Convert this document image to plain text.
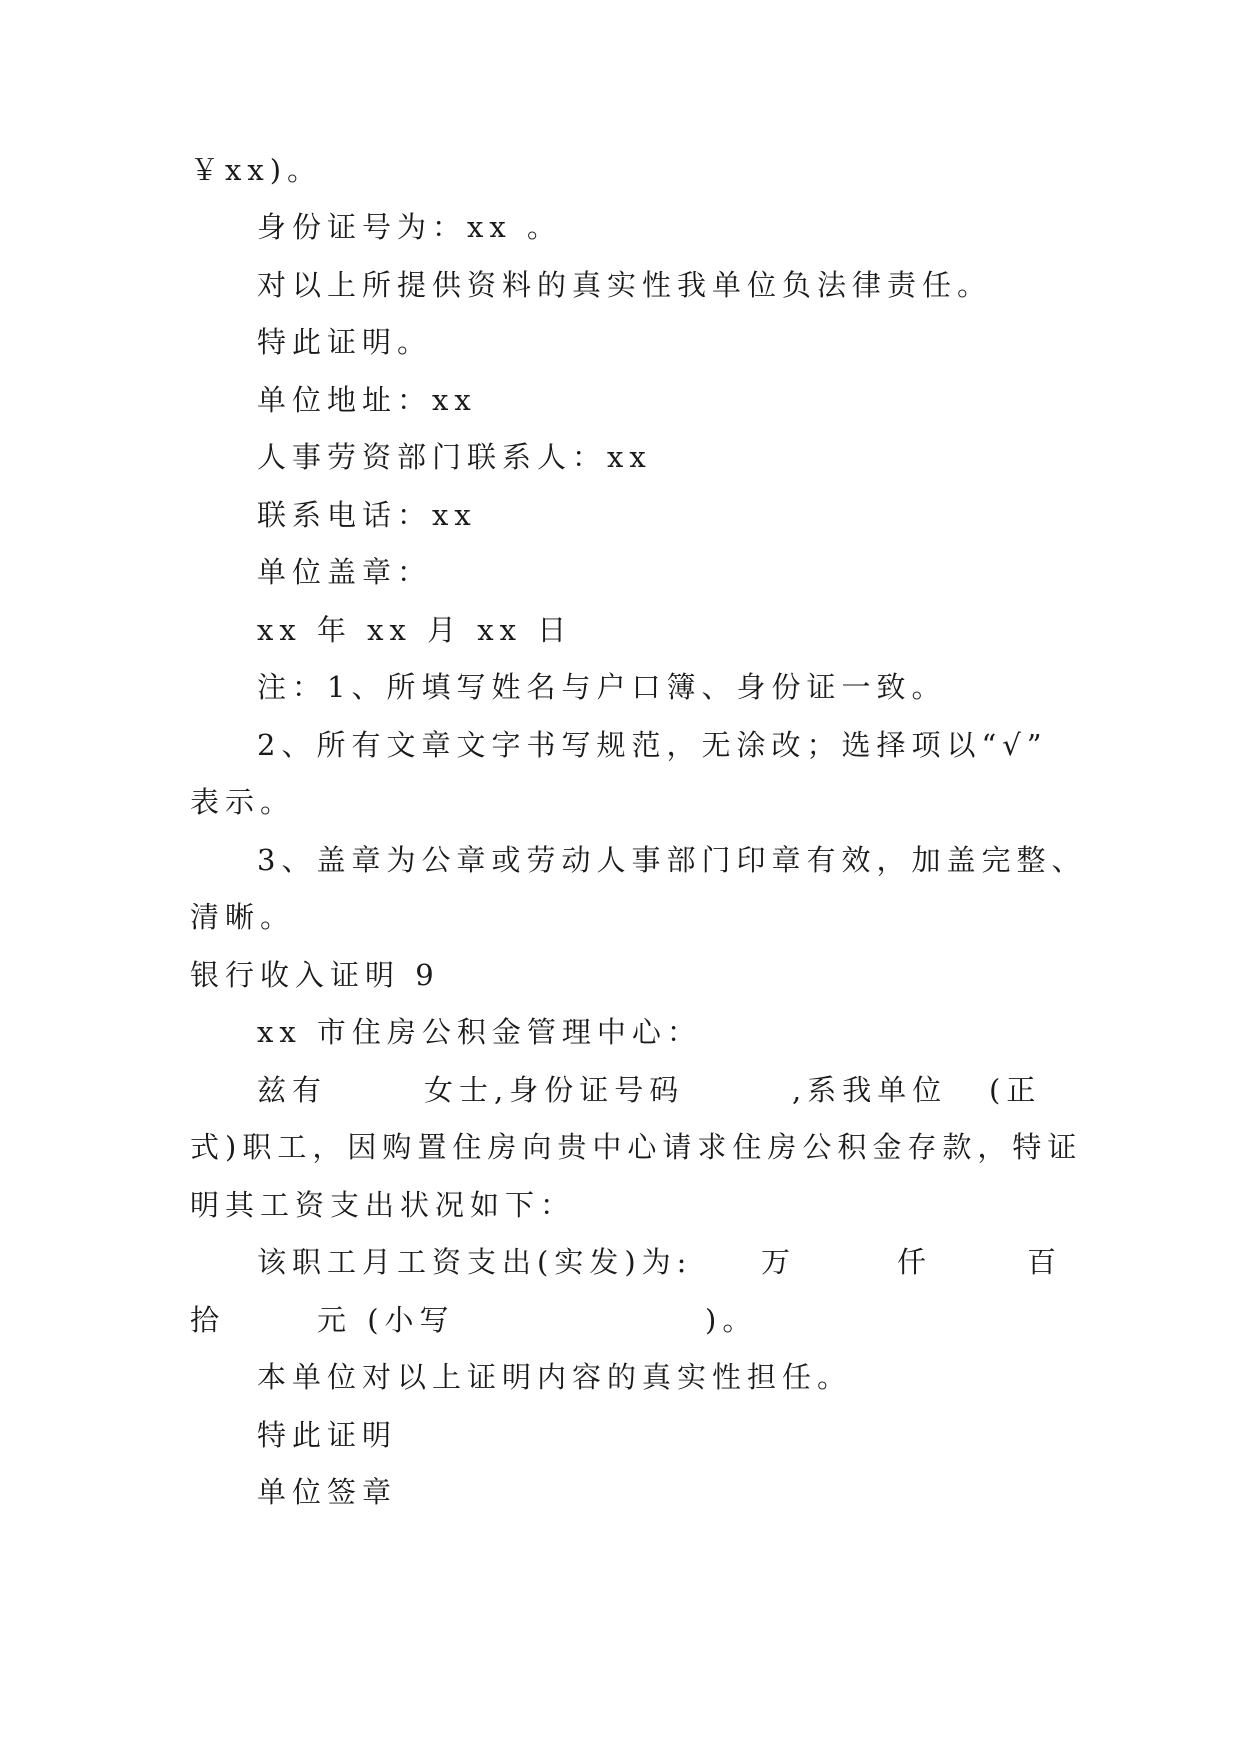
￥xx)。
身份证号为：xx 。
对以上所提供资料的真实性我单位负法律责任。
特此证明。
单位地址：xx
人事劳资部门联系人：xx
联系电话：xx
单位盖章：
xx 年 xx 月 xx 日
注：1、所填写姓名与户口簿、身份证一致。
2、所有文章文字书写规范，无涂改；选择项以“√”
表示。
3、盖章为公章或劳动人事部门印章有效，加盖完整、
清晰。
银行收入证明 9
xx 市住房公积金管理中心：
兹有	女士,身份证号码	,系我单位 (正
式)职工，因购置住房向贵中心请求住房公积金存款，特证
明其工资支出状况如下：
该职工月工资支出(实发)为: 万	仟	百
拾	元 (小写	)。
本单位对以上证明内容的真实性担任。
特此证明
单位签章
